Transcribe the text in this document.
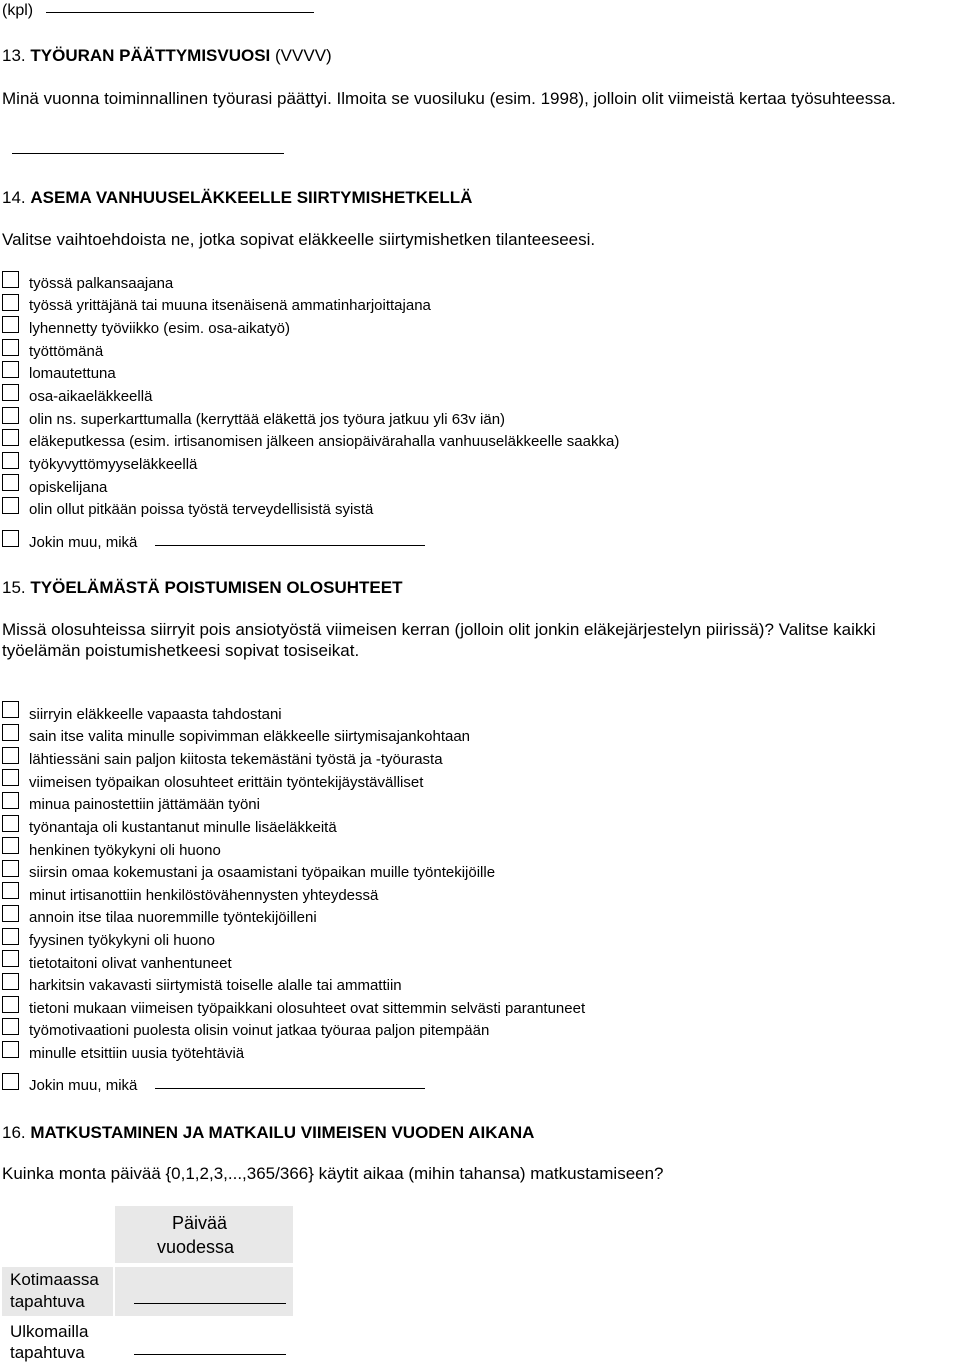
(kpl)
13. TYÖURAN PÄÄTTYMISVUOSI (VVVV)
Minä vuonna toiminnallinen työurasi päättyi. Ilmoita se vuosiluku (esim. 1998), jolloin olit viimeistä kertaa työsuhteessa.
14. ASEMA VANHUUSELÄKKEELLE SIIRTYMISHETKELLÄ
Valitse vaihtoehdoista ne, jotka sopivat eläkkeelle siirtymishetken tilanteeseesi.
työssä palkansaajana
työssä yrittäjänä tai muuna itsenäisenä ammatinharjoittajana
lyhennetty työviikko (esim. osa-aikatyö)
työttömänä
lomautettuna
osa-aikaeläkkeellä
olin ns. superkarttumalla (kerryttää eläkettä jos työura jatkuu yli 63v iän)
eläkeputkessa (esim. irtisanomisen jälkeen ansiopäivärahalla vanhuuseläkkeelle saakka)
työkyvyttömyyseläkkeellä
opiskelijana
olin ollut pitkään poissa työstä terveydellisistä syistä
Jokin muu, mikä
15. TYÖELÄMÄSTÄ POISTUMISEN OLOSUHTEET
Missä olosuhteissa siirryit pois ansiotyöstä viimeisen kerran (jolloin olit jonkin eläkejärjestelyn piirissä)? Valitse kaikki
työelämän poistumishetkeesi sopivat tosiseikat.
siirryin eläkkeelle vapaasta tahdostani
sain itse valita minulle sopivimman eläkkeelle siirtymisajankohtaan
lähtiessäni sain paljon kiitosta tekemästäni työstä ja -työurasta
viimeisen työpaikan olosuhteet erittäin työntekijäystävälliset
minua painostettiin jättämään työni
työnantaja oli kustantanut minulle lisäeläkkeitä
henkinen työkykyni oli huono
siirsin omaa kokemustani ja osaamistani työpaikan muille työntekijöille
minut irtisanottiin henkilöstövähennysten yhteydessä
annoin itse tilaa nuoremmille työntekijöilleni
fyysinen työkykyni oli huono
tietotaitoni olivat vanhentuneet
harkitsin vakavasti siirtymistä toiselle alalle tai ammattiin
tietoni mukaan viimeisen työpaikkani olosuhteet ovat sittemmin selvästi parantuneet
työmotivaationi puolesta olisin voinut jatkaa työuraa paljon pitempään
minulle etsittiin uusia työtehtäviä
Jokin muu, mikä
16. MATKUSTAMINEN JA MATKAILU VIIMEISEN VUODEN AIKANA
Kuinka monta päivää {0,1,2,3,...,365/366} käytit aikaa (mihin tahansa) matkustamiseen?
Päivää
vuodessa
Kotimaassa
tapahtuva
Ulkomailla
tapahtuva
